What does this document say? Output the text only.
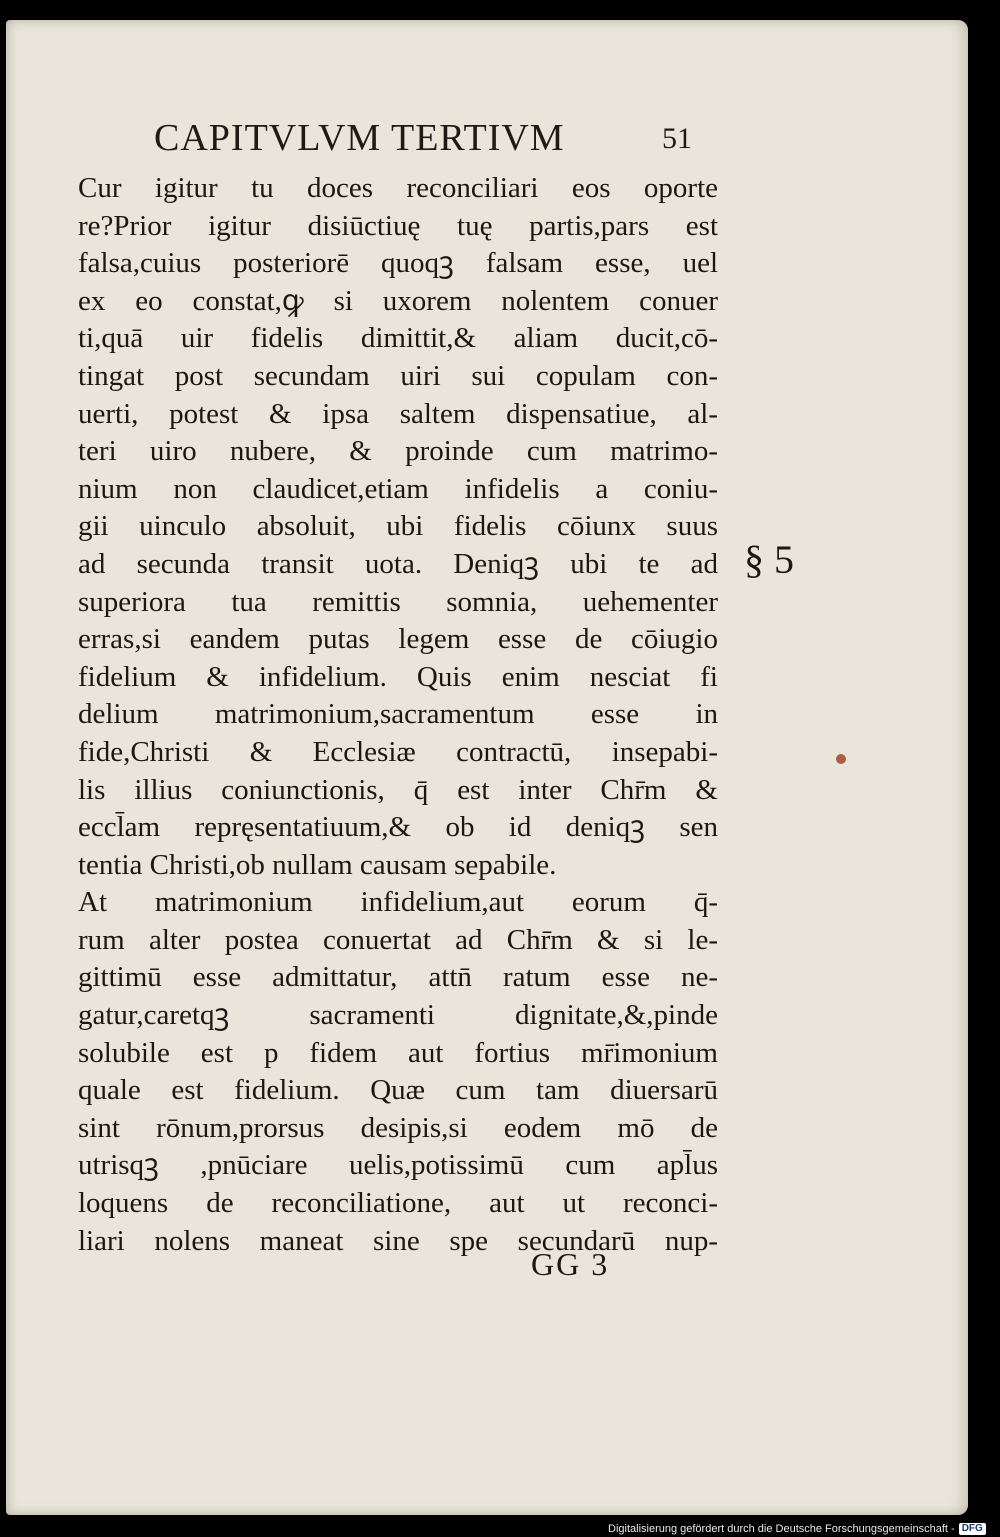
CAPITVLVM TERTIVM	51
Cur igitur tu doces reconciliari eos oporte
re?Prior igitur disiūctiuę tuę partis,pars est
falsa,cuius posteriorē quoqꝫ falsam esse, uel
ex eo constat,ꝙ si uxorem nolentem conuer
ti,quā uir fidelis dimittit,& aliam ducit,cō-
tingat post secundam uiri sui copulam con-
uerti, potest & ipsa saltem dispensatiue, al-
teri uiro nubere, & proinde cum matrimo-
nium non claudicet,etiam infidelis a coniu-
gii uinculo absoluit, ubi fidelis cōiunx suus
ad secunda transit uota. Deniqꝫ ubi te ad
superiora tua remittis somnia, uehementer
erras,si eandem putas legem esse de cōiugio
fidelium & infidelium. Quis enim nesciat fi
delium matrimonium,sacramentum esse in
fide,Christi & Ecclesiæ contractū, insepabi-
lis illius coniunctionis, q̄ est inter Chr̄m &
eccl̄am repręsentatiuum,& ob id deniqꝫ sen
tentia Christi,ob nullam causam sepabile.
At matrimonium infidelium,aut eorum q̄-
rum alter postea conuertat ad Chr̄m & si le-
gittimū esse admittatur, attn̄ ratum esse ne-
gatur,caretqꝫ sacramenti dignitate,&,pinde
solubile est p fidem aut fortius mr̄imonium
quale est fidelium. Quæ cum tam diuersarū
sint rōnum,prorsus desipis,si eodem mō de
utrisqꝫ ,pnūciare uelis,potissimū cum apl̄us
loquens de reconciliatione, aut ut reconci-
liari nolens maneat sine spe secundarū nup-
§ 5
GG 3
Digitalisierung gefördert durch die Deutsche Forschungsgemeinschaft - DFG
